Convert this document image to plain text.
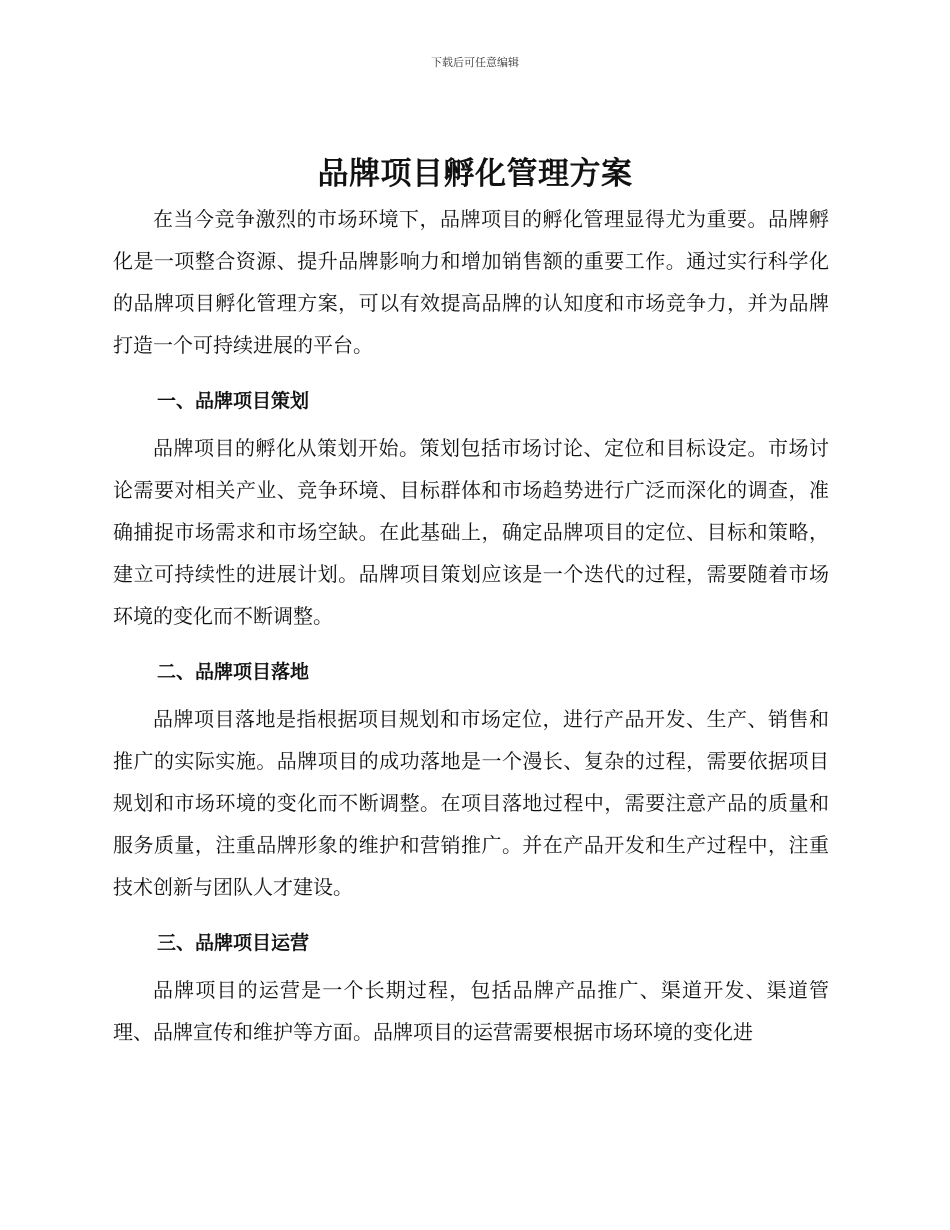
下载后可任意编辑
品牌项目孵化管理方案

在当今竞争激烈的市场环境下，品牌项目的孵化管理显得尤为重要。品牌孵化是一项整合资源、提升品牌影响力和增加销售额的重要工作。通过实行科学化的品牌项目孵化管理方案，可以有效提高品牌的认知度和市场竞争力，并为品牌打造一个可持续进展的平台。

一、品牌项目策划

品牌项目的孵化从策划开始。策划包括市场讨论、定位和目标设定。市场讨论需要对相关产业、竞争环境、目标群体和市场趋势进行广泛而深化的调查，准确捕捉市场需求和市场空缺。在此基础上，确定品牌项目的定位、目标和策略，建立可持续性的进展计划。品牌项目策划应该是一个迭代的过程，需要随着市场环境的变化而不断调整。

二、品牌项目落地

品牌项目落地是指根据项目规划和市场定位，进行产品开发、生产、销售和推广的实际实施。品牌项目的成功落地是一个漫长、复杂的过程，需要依据项目规划和市场环境的变化而不断调整。在项目落地过程中，需要注意产品的质量和服务质量，注重品牌形象的维护和营销推广。并在产品开发和生产过程中，注重技术创新与团队人才建设。

三、品牌项目运营

品牌项目的运营是一个长期过程，包括品牌产品推广、渠道开发、渠道管理、品牌宣传和维护等方面。品牌项目的运营需要根据市场环境的变化进
